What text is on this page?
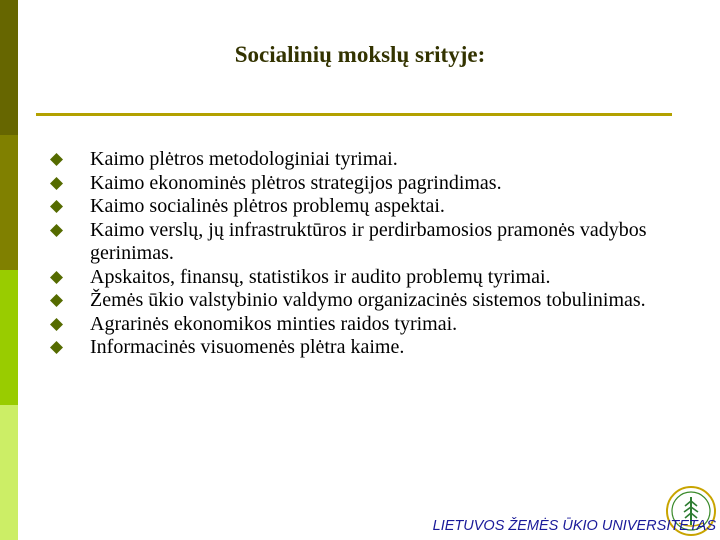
Socialinių mokslų srityje:
Kaimo plėtros metodologiniai tyrimai.
Kaimo ekonominės plėtros strategijos pagrindimas.
Kaimo socialinės plėtros problemų aspektai.
Kaimo verslų, jų infrastruktūros ir perdirbamosios pramonės vadybos gerinimas.
Apskaitos, finansų, statistikos ir audito problemų tyrimai.
Žemės ūkio valstybinio valdymo organizacinės sistemos tobulinimas.
Agrarinės ekonomikos minties raidos tyrimai.
Informacinės visuomenės plėtra kaime.
LIETUVOS ŽEMĖS ŪKIO UNIVERSITETAS
